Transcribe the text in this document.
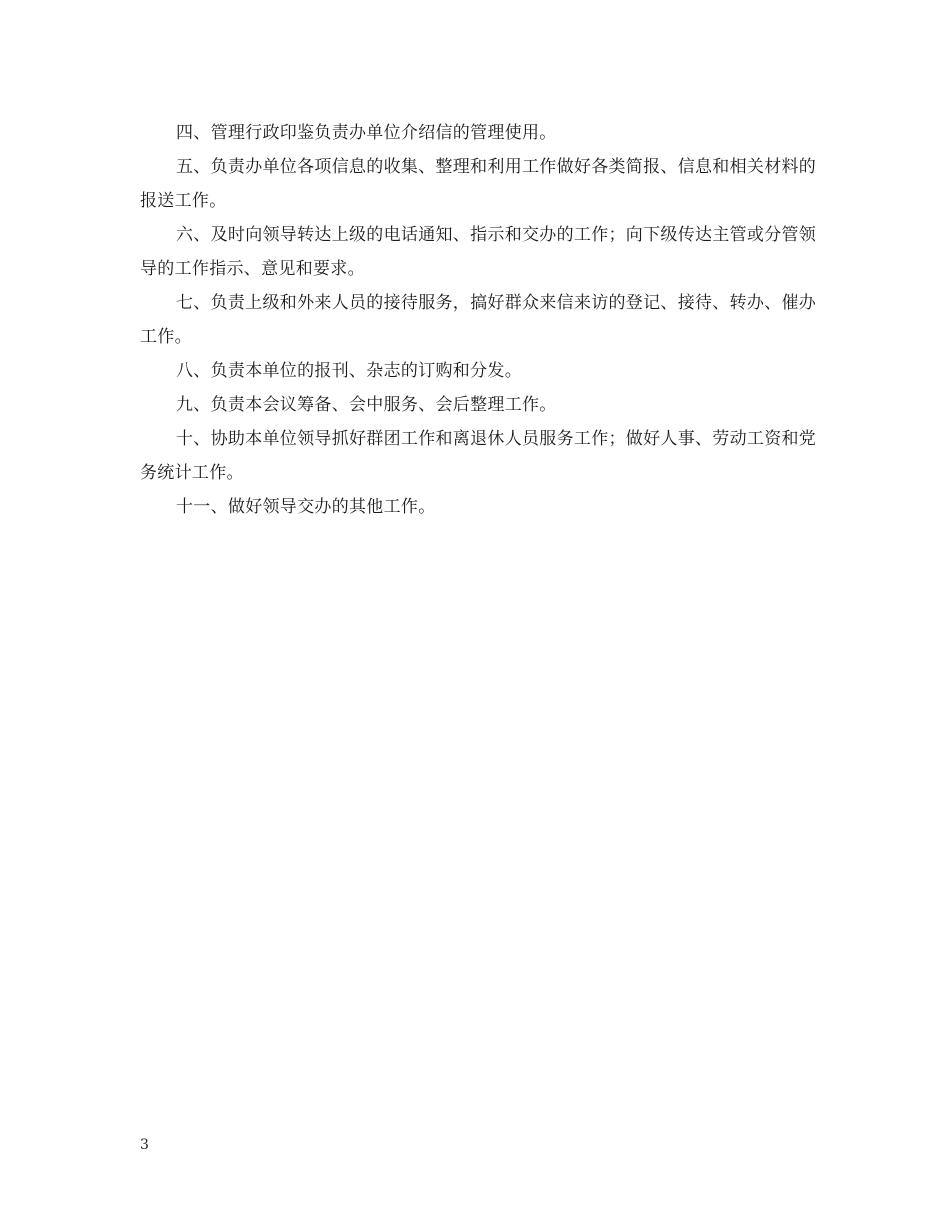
四、管理行政印鉴负责办单位介绍信的管理使用。

五、负责办单位各项信息的收集、整理和利用工作做好各类简报、信息和相关材料的报送工作。

六、及时向领导转达上级的电话通知、指示和交办的工作；向下级传达主管或分管领导的工作指示、意见和要求。

七、负责上级和外来人员的接待服务，搞好群众来信来访的登记、接待、转办、催办工作。

八、负责本单位的报刊、杂志的订购和分发。

九、负责本会议筹备、会中服务、会后整理工作。

十、协助本单位领导抓好群团工作和离退休人员服务工作；做好人事、劳动工资和党务统计工作。

十一、做好领导交办的其他工作。

3
